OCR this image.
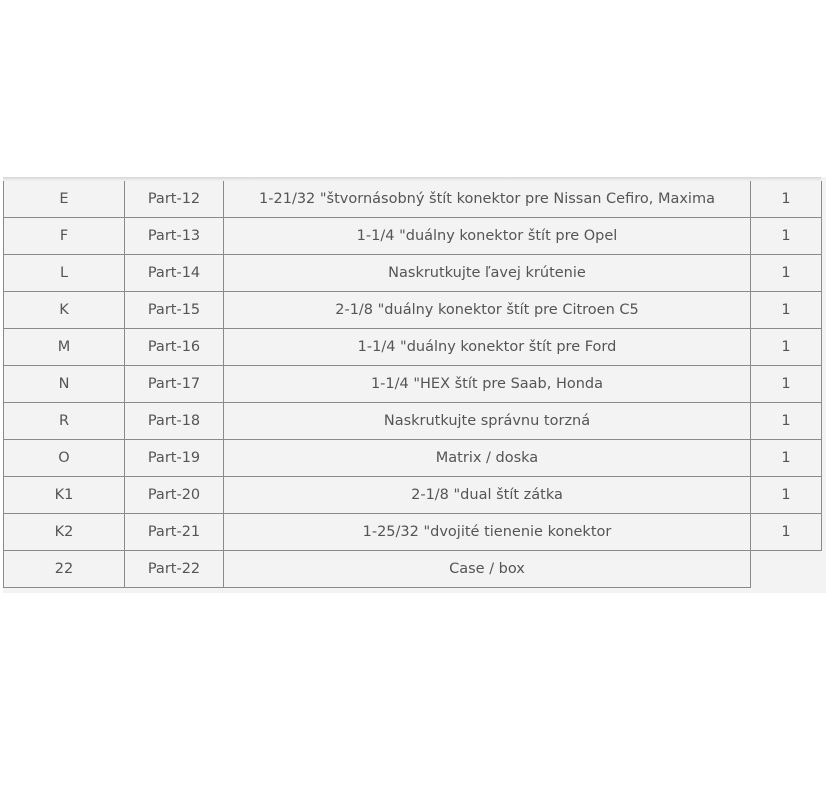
E	Part-12	1-21/32 "štvornásobný štít konektor pre Nissan Cefiro, Maxima	1
F	Part-13	1-1/4 "duálny konektor štít pre Opel	1
L	Part-14	Naskrutkujte ľavej krútenie	1
K	Part-15	2-1/8 "duálny konektor štít pre Citroen C5	1
M	Part-16	1-1/4 "duálny konektor štít pre Ford	1
N	Part-17	1-1/4 "HEX štít pre Saab, Honda	1
R	Part-18	Naskrutkujte správnu torzná	1
O	Part-19	Matrix / doska	1
K1	Part-20	2-1/8 "dual štít zátka	1
K2	Part-21	1-25/32 "dvojité tienenie konektor	1
22	Part-22	Case / box	
